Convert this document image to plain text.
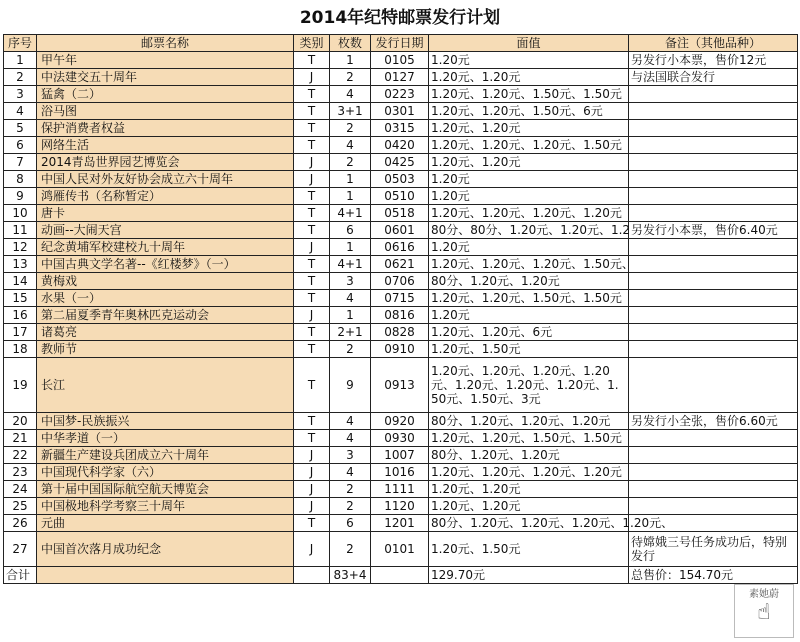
2014年纪特邮票发行计划
序号	邮票名称	类别	枚数	发行日期	面值	备注（其他品种）
1	甲午年	T	1	0105	1.20元	另发行小本票，售价12元
2	中法建交五十周年	J	2	0127	1.20元、1.20元	与法国联合发行
3	猛禽（二）	T	4	0223	1.20元、1.20元、1.50元、1.50元	
4	浴马图	T	3+1	0301	1.20元、1.20元、1.50元、6元	
5	保护消费者权益	T	2	0315	1.20元、1.20元	
6	网络生活	T	4	0420	1.20元、1.20元、1.20元、1.50元	
7	2014青岛世界园艺博览会	J	2	0425	1.20元、1.20元	
8	中国人民对外友好协会成立六十周年	J	1	0503	1.20元	
9	鸿雁传书（名称暂定）	T	1	0510	1.20元	
10	唐卡	T	4+1	0518	1.20元、1.20元、1.20元、1.20元	
11	动画--大闹天宫	T	6	0601	80分、80分、1.20元、1.20元、1.2	另发行小本票，售价6.40元
12	纪念黄埔军校建校九十周年	J	1	0616	1.20元	
13	中国古典文学名著--《红楼梦》（一）	T	4+1	0621	1.20元、1.20元、1.20元、1.50元、	
14	黄梅戏	T	3	0706	80分、1.20元、1.20元	
15	水果（一）	T	4	0715	1.20元、1.20元、1.50元、1.50元	
16	第二届夏季青年奥林匹克运动会	J	1	0816	1.20元	
17	诸葛亮	T	2+1	0828	1.20元、1.20元、6元	
18	教师节	T	2	0910	1.20元、1.50元	
19	长江	T	9	0913	1.20元、1.20元、1.20元、1.20元、1.20元、1.20元、1.20元、1.50元、1.50元、3元	
20	中国梦-民族振兴	T	4	0920	80分、1.20元、1.20元、1.20元	另发行小全张，售价6.60元
21	中华孝道（一）	T	4	0930	1.20元、1.20元、1.50元、1.50元	
22	新疆生产建设兵团成立六十周年	J	3	1007	80分、1.20元、1.20元	
23	中国现代科学家（六）	J	4	1016	1.20元、1.20元、1.20元、1.20元	
24	第十届中国国际航空航天博览会	J	2	1111	1.20元、1.20元	
25	中国极地科学考察三十周年	J	2	1120	1.20元、1.20元	
26	元曲	T	6	1201	80分、1.20元、1.20元、1.20元、1.20元、	
27	中国首次落月成功纪念	J	2	0101	1.20元、1.50元	待嫦娥三号任务成功后，特别发行
合计			83+4		129.70元	总售价：154.70元
素她蔚
☝
